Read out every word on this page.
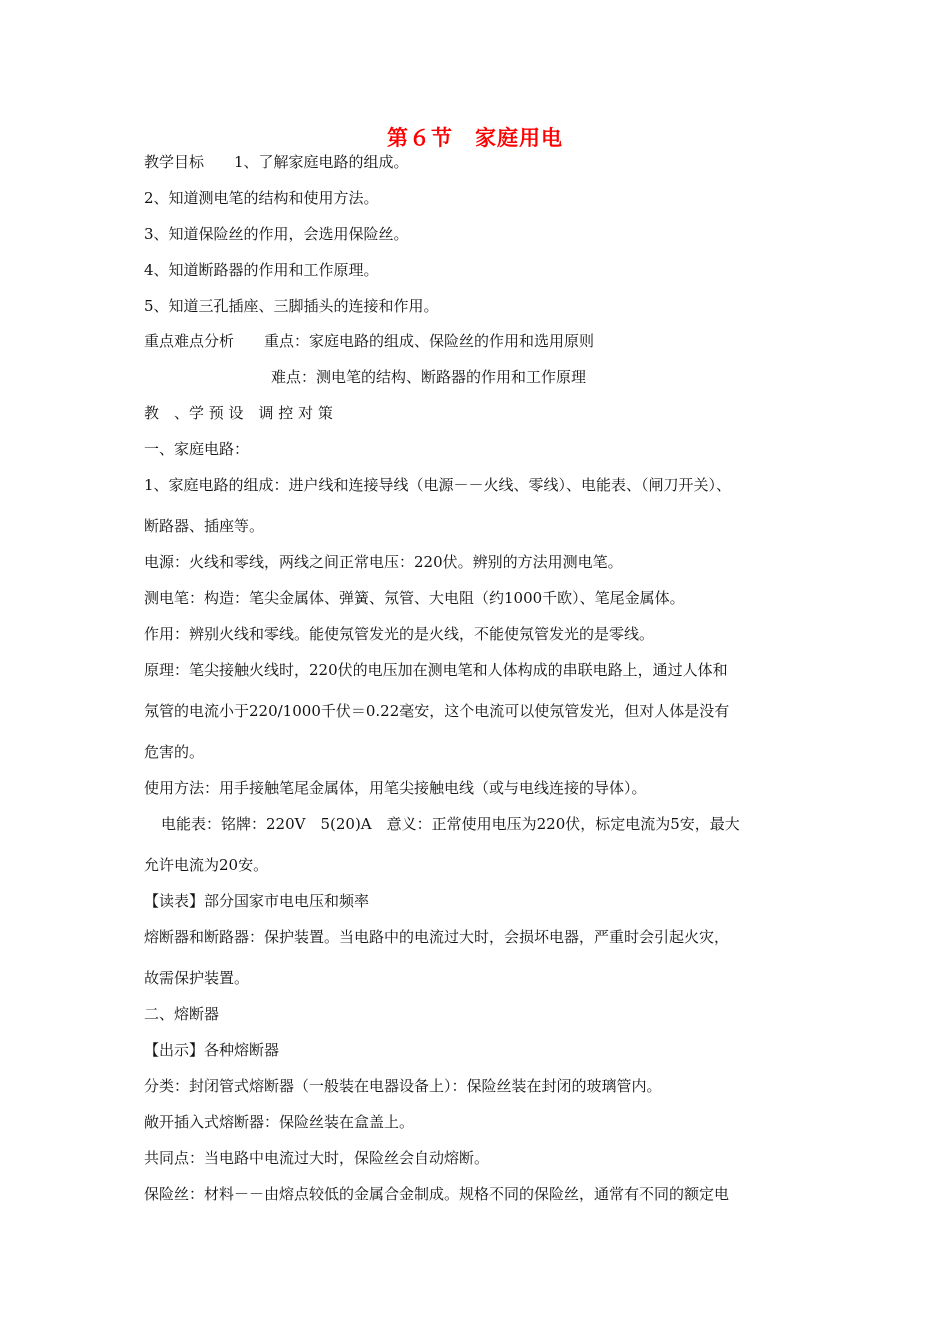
第６节　家庭用电
教学目标　　1、了解家庭电路的组成。
2、知道测电笔的结构和使用方法。
3、知道保险丝的作用，会选用保险丝。
4、知道断路器的作用和工作原理。
5、知道三孔插座、三脚插头的连接和作用。
重点难点分析　　重点：家庭电路的组成、保险丝的作用和选用原则
难点：测电笔的结构、断路器的作用和工作原理
教　、学 预 设　调 控 对 策
一、家庭电路：
1、家庭电路的组成：进户线和连接导线（电源－－火线、零线）、电能表、（闸刀开关）、
断路器、插座等。
电源：火线和零线，两线之间正常电压：220伏。辨别的方法用测电笔。
测电笔：构造：笔尖金属体、弹簧、氖管、大电阻（约1000千欧）、笔尾金属体。
作用：辨别火线和零线。能使氖管发光的是火线，不能使氖管发光的是零线。
原理：笔尖接触火线时，220伏的电压加在测电笔和人体构成的串联电路上，通过人体和
氖管的电流小于220/1000千伏＝0.22毫安，这个电流可以使氖管发光，但对人体是没有
危害的。
使用方法：用手接触笔尾金属体，用笔尖接触电线（或与电线连接的导体）。
电能表：铭牌：220V　5(20)A　意义：正常使用电压为220伏，标定电流为5安，最大
允许电流为20安。
【读表】部分国家市电电压和频率
熔断器和断路器：保护装置。当电路中的电流过大时，会损坏电器，严重时会引起火灾，
故需保护装置。
二、熔断器
【出示】各种熔断器
分类：封闭管式熔断器（一般装在电器设备上）：保险丝装在封闭的玻璃管内。
敞开插入式熔断器：保险丝装在盒盖上。
共同点：当电路中电流过大时，保险丝会自动熔断。
保险丝：材料－－由熔点较低的金属合金制成。规格不同的保险丝，通常有不同的额定电
